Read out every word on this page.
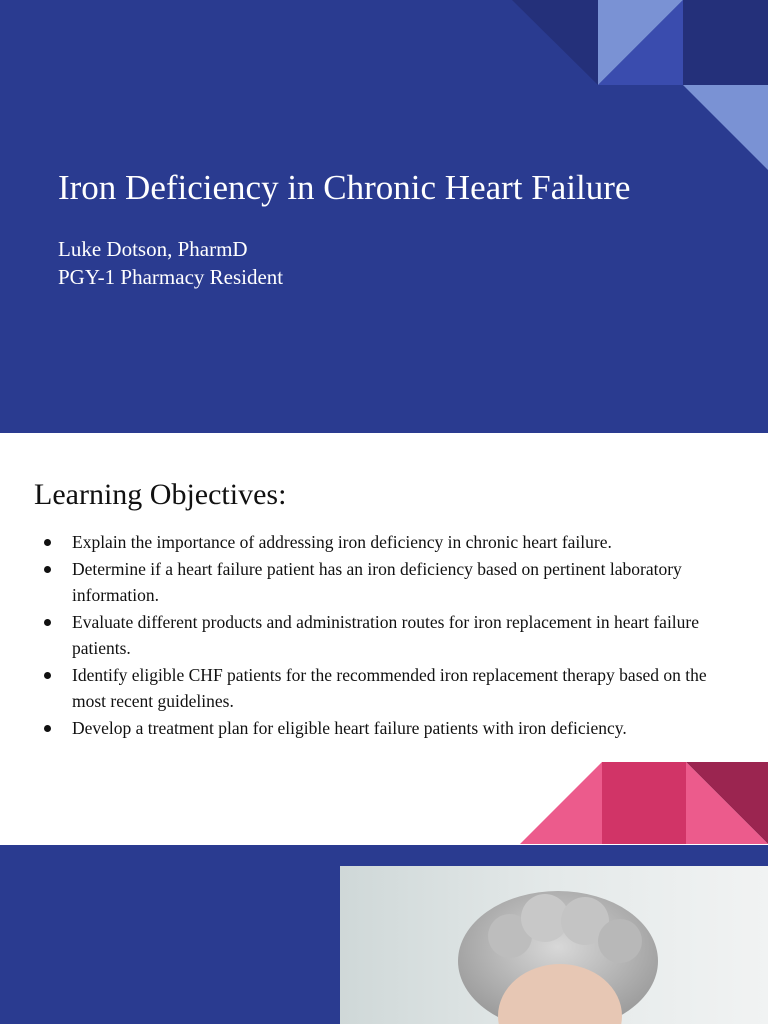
Iron Deficiency in Chronic Heart Failure
Luke Dotson, PharmD
PGY-1 Pharmacy Resident
Learning Objectives:
Explain the importance of addressing iron deficiency in chronic heart failure.
Determine if a heart failure patient has an iron deficiency based on pertinent laboratory information.
Evaluate different products and administration routes for iron replacement in heart failure patients.
Identify eligible CHF patients for the recommended iron replacement therapy based on the most recent guidelines.
Develop a treatment plan for eligible heart failure patients with iron deficiency.
